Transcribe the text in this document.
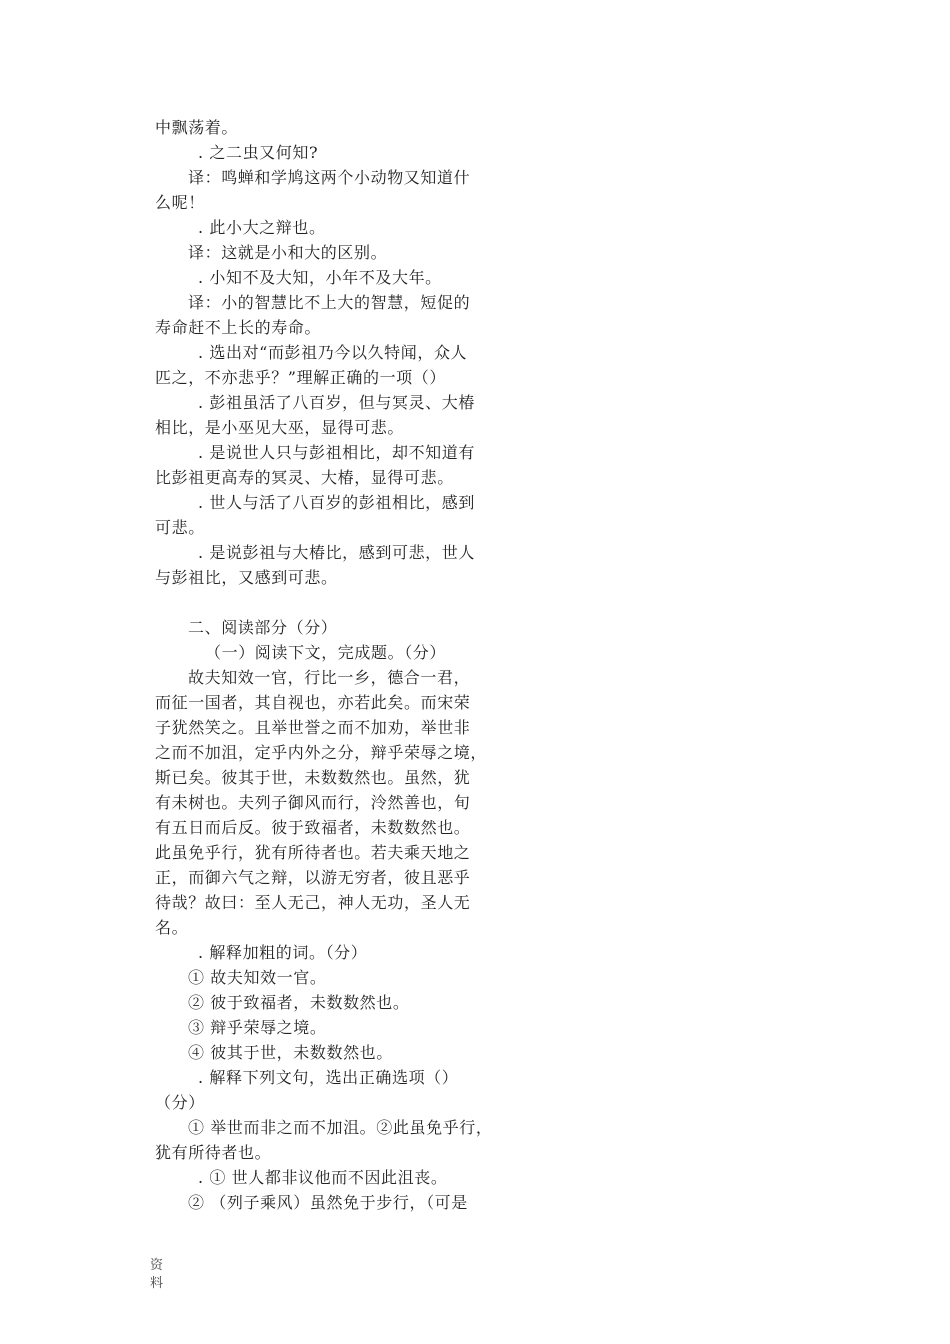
中飘荡着。
. 之二虫又何知?
译：鸣蝉和学鸠这两个小动物又知道什
么呢！
. 此小大之辩也。
译：这就是小和大的区别。
. 小知不及大知，小年不及大年。
译：小的智慧比不上大的智慧，短促的
寿命赶不上长的寿命。
. 选出对“而彭祖乃今以久特闻，众人
匹之，不亦悲乎？”理解正确的一项（）
. 彭祖虽活了八百岁，但与冥灵、大椿
相比，是小巫见大巫，显得可悲。
. 是说世人只与彭祖相比，却不知道有
比彭祖更高寿的冥灵、大椿，显得可悲。
. 世人与活了八百岁的彭祖相比，感到
可悲。
. 是说彭祖与大椿比，感到可悲，世人
与彭祖比，又感到可悲。
二、阅读部分（分）
（一）阅读下文，完成题。（分）
故夫知效一官，行比一乡，德合一君，
而征一国者，其自视也，亦若此矣。而宋荣
子犹然笑之。且举世誉之而不加劝，举世非
之而不加沮，定乎内外之分，辩乎荣辱之境，
斯已矣。彼其于世，未数数然也。虽然，犹
有未树也。夫列子御风而行，泠然善也，旬
有五日而后反。彼于致福者，未数数然也。
此虽免乎行，犹有所待者也。若夫乘天地之
正，而御六气之辩，以游无穷者，彼且恶乎
待哉？故曰：至人无己，神人无功，圣人无
名。
. 解释加粗的词。（分）
① 故夫知效一官。
② 彼于致福者，未数数然也。
③ 辩乎荣辱之境。
④ 彼其于世，未数数然也。
. 解释下列文句，选出正确选项（）
（分）
① 举世而非之而不加沮。②此虽免乎行，
犹有所待者也。
. ① 世人都非议他而不因此沮丧。
② （列子乘风）虽然免于步行，（可是
资
料
